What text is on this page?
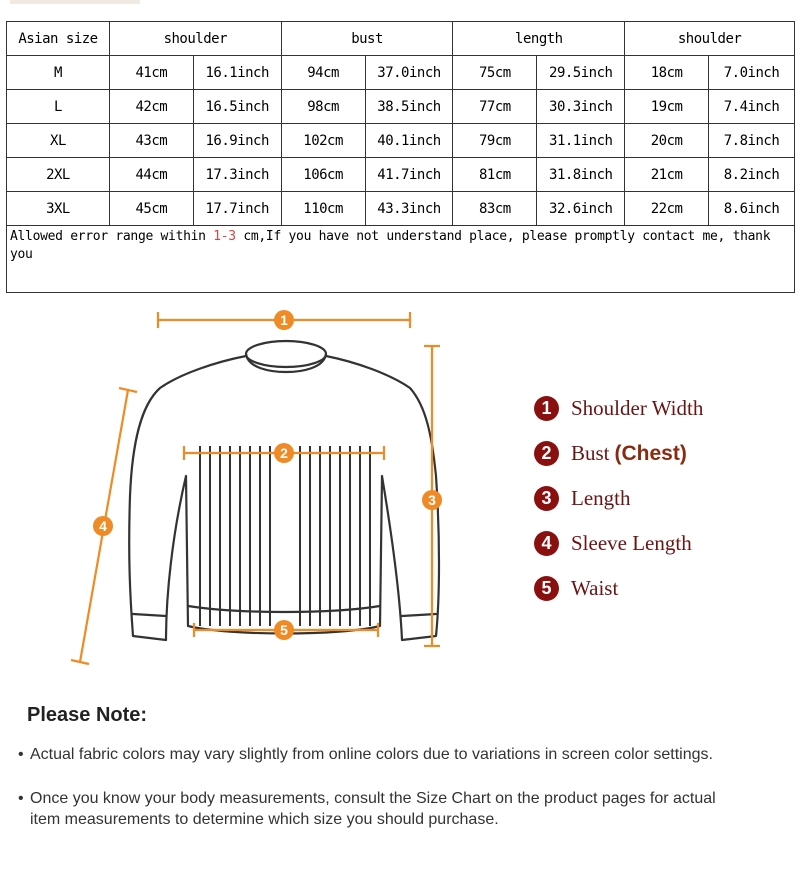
Asian size	shoulder		bust		length		shoulder	
M	41cm	16.1inch	94cm	37.0inch	75cm	29.5inch	18cm	7.0inch
L	42cm	16.5inch	98cm	38.5inch	77cm	30.3inch	19cm	7.4inch
XL	43cm	16.9inch	102cm	40.1inch	79cm	31.1inch	20cm	7.8inch
2XL	44cm	17.3inch	106cm	41.7inch	81cm	31.8inch	21cm	8.2inch
3XL	45cm	17.7inch	110cm	43.3inch	83cm	32.6inch	22cm	8.6inch
Allowed error range within 1-3 cm,If you have not understand place, please promptly contact me, thank you
1
2
3
4
5
1 Shoulder Width
2 Bust (Chest)
3 Length
4 Sleeve Length
5 Waist
Please Note:
• Actual fabric colors may vary slightly from online colors due to variations in screen color settings.
• Once you know your body measurements, consult the Size Chart on the product pages for actual
item measurements to determine which size you should purchase.
